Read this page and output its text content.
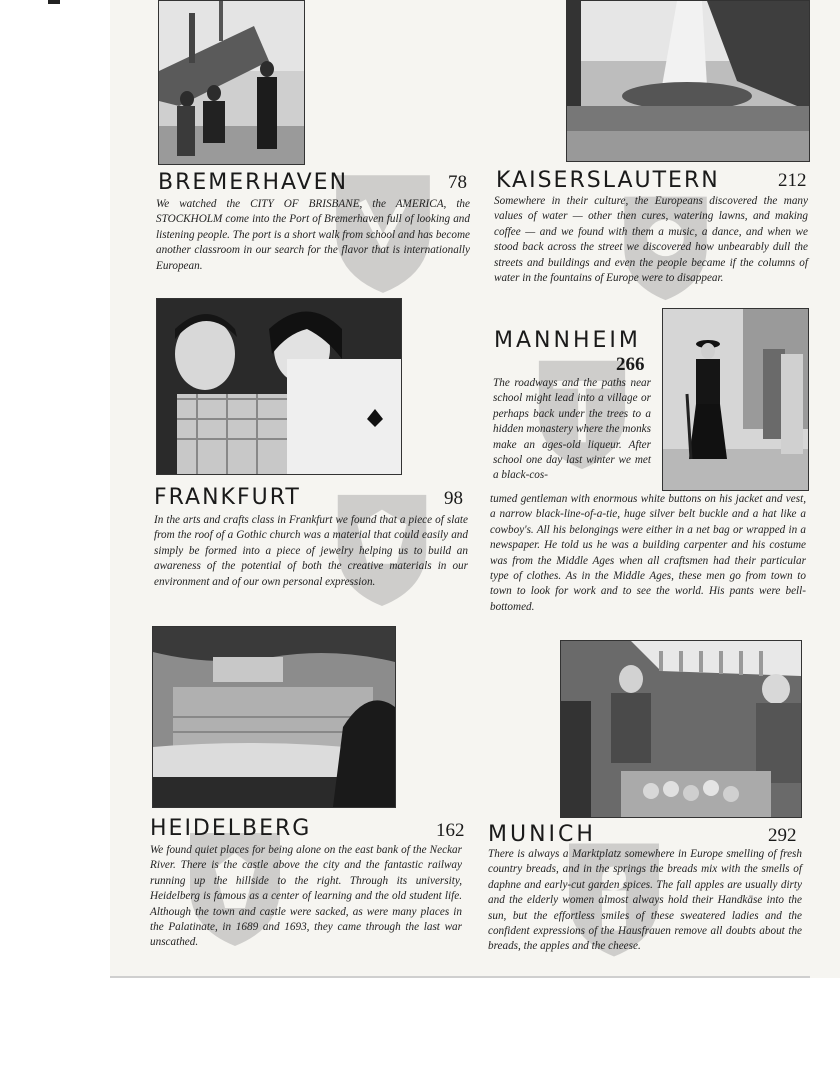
BREMERHAVEN	78
We watched the CITY OF BRISBANE, the AMERICA, the STOCKHOLM come into the Port of Bremerhaven full of looking and listening people. The port is a short walk from school and has become another classroom in our search for the flavor that is internationally European.
KAISERSLAUTERN	212
Somewhere in their culture, the Europeans discovered the many values of water — other then cures, watering lawns, and making coffee — and we found with them a music, a dance, and when we stood back across the street we discovered how unbearably dull the streets and buildings and even the people became if the columns of water in the fountains of Europe were to disappear.
FRANKFURT	98
In the arts and crafts class in Frankfurt we found that a piece of slate from the roof of a Gothic church was a material that could easily and simply be formed into a piece of jewelry helping us to build an awareness of the potential of both the creative materials in our environment and of our own personal expression.
MANNHEIM
266
The roadways and the paths near school might lead into a village or perhaps back under the trees to a hidden monastery where the monks make an ages-old liqueur. After school one day last winter we met a black-cos-
tumed gentleman with enormous white buttons on his jacket and vest, a narrow black-line-of-a-tie, huge silver belt buckle and a hat like a cowboy's. All his belongings were either in a net bag or wrapped in a newspaper. He told us he was a building carpenter and his costume was from the Middle Ages when all craftsmen had their particular type of clothes. As in the Middle Ages, these men go from town to town to look for work and to see the world. His pants were bell-bottomed.
HEIDELBERG	162
We found quiet places for being alone on the east bank of the Neckar River. There is the castle above the city and the fantastic railway running up the hillside to the right. Through its university, Heidelberg is famous as a center of learning and the old student life. Although the town and castle were sacked, as were many places in the Palatinate, in 1689 and 1693, they came through the last war unscathed.
MUNICH	292
There is always a Marktplatz somewhere in Europe smelling of fresh country breads, and in the springs the breads mix with the smells of daphne and early-cut garden spices. The fall apples are usually dirty and the elderly women almost always hold their Handkäse into the sun, but the effortless smiles of these sweatered ladies and the confident expressions of the Hausfrauen remove all doubts about the breads, the apples and the cheese.
